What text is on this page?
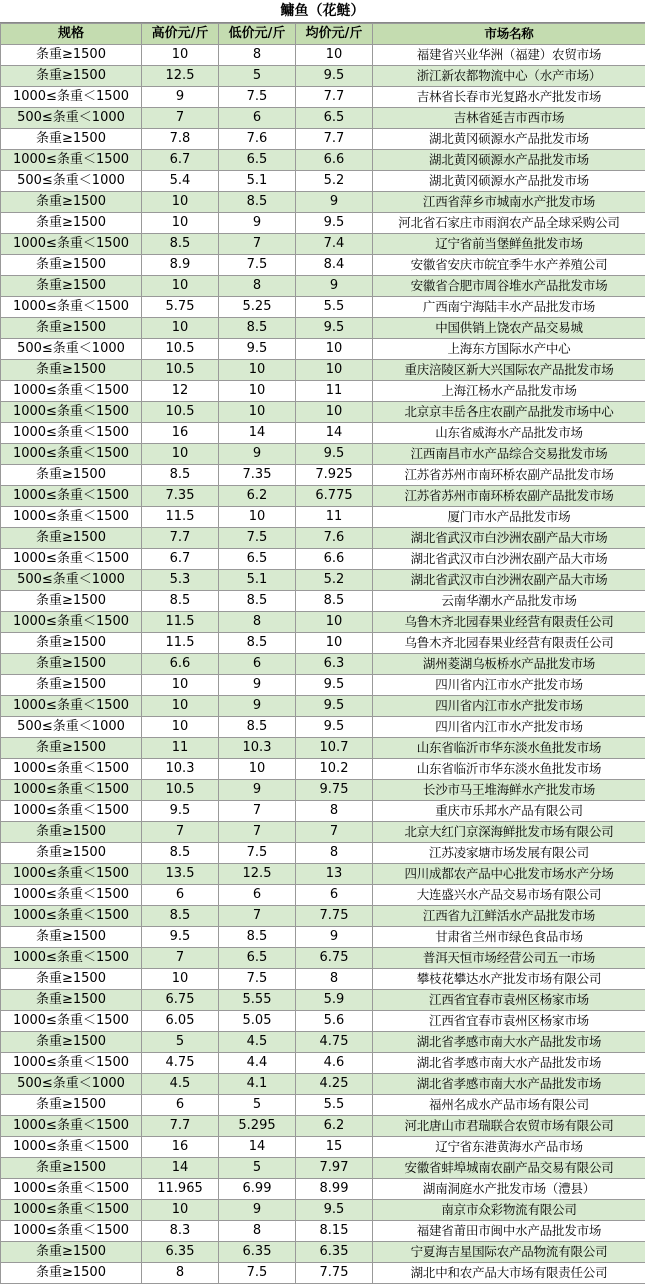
鳙鱼（花鲢）
规格	高价元/斤	低价元/斤	均价元/斤	市场名称
条重≥1500	10	8	10	福建省兴业华洲（福建）农贸市场
条重≥1500	12.5	5	9.5	浙江新农都物流中心（水产市场）
1000≤条重＜1500	9	7.5	7.7	吉林省长春市光复路水产批发市场
500≤条重＜1000	7	6	6.5	吉林省延吉市西市场
条重≥1500	7.8	7.6	7.7	湖北黄冈硕源水产品批发市场
1000≤条重＜1500	6.7	6.5	6.6	湖北黄冈硕源水产品批发市场
500≤条重＜1000	5.4	5.1	5.2	湖北黄冈硕源水产品批发市场
条重≥1500	10	8.5	9	江西省萍乡市城南水产批发市场
条重≥1500	10	9	9.5	河北省石家庄市雨润农产品全球采购公司
1000≤条重＜1500	8.5	7	7.4	辽宁省前当堡鲜鱼批发市场
条重≥1500	8.9	7.5	8.4	安徽省安庆市皖宜季牛水产养殖公司
条重≥1500	10	8	9	安徽省合肥市周谷堆水产品批发市场
1000≤条重＜1500	5.75	5.25	5.5	广西南宁海陆丰水产品批发市场
条重≥1500	10	8.5	9.5	中国供销上饶农产品交易城
500≤条重＜1000	10.5	9.5	10	上海东方国际水产中心
条重≥1500	10.5	10	10	重庆涪陵区新大兴国际农产品批发市场
1000≤条重＜1500	12	10	11	上海江杨水产品批发市场
1000≤条重＜1500	10.5	10	10	北京京丰岳各庄农副产品批发市场中心
1000≤条重＜1500	16	14	14	山东省威海水产品批发市场
1000≤条重＜1500	10	9	9.5	江西南昌市水产品综合交易批发市场
条重≥1500	8.5	7.35	7.925	江苏省苏州市南环桥农副产品批发市场
1000≤条重＜1500	7.35	6.2	6.775	江苏省苏州市南环桥农副产品批发市场
1000≤条重＜1500	11.5	10	11	厦门市水产品批发市场
条重≥1500	7.7	7.5	7.6	湖北省武汉市白沙洲农副产品大市场
1000≤条重＜1500	6.7	6.5	6.6	湖北省武汉市白沙洲农副产品大市场
500≤条重＜1000	5.3	5.1	5.2	湖北省武汉市白沙洲农副产品大市场
条重≥1500	8.5	8.5	8.5	云南华潮水产品批发市场
1000≤条重＜1500	11.5	8	10	乌鲁木齐北园春果业经营有限责任公司
条重≥1500	11.5	8.5	10	乌鲁木齐北园春果业经营有限责任公司
条重≥1500	6.6	6	6.3	湖州菱湖乌板桥水产品批发市场
条重≥1500	10	9	9.5	四川省内江市水产批发市场
1000≤条重＜1500	10	9	9.5	四川省内江市水产批发市场
500≤条重＜1000	10	8.5	9.5	四川省内江市水产批发市场
条重≥1500	11	10.3	10.7	山东省临沂市华东淡水鱼批发市场
1000≤条重＜1500	10.3	10	10.2	山东省临沂市华东淡水鱼批发市场
1000≤条重＜1500	10.5	9	9.75	长沙市马王堆海鲜水产批发市场
1000≤条重＜1500	9.5	7	8	重庆市乐邦水产品有限公司
条重≥1500	7	7	7	北京大红门京深海鲜批发市场有限公司
条重≥1500	8.5	7.5	8	江苏凌家塘市场发展有限公司
1000≤条重＜1500	13.5	12.5	13	四川成都农产品中心批发市场水产分场
1000≤条重＜1500	6	6	6	大连盛兴水产品交易市场有限公司
1000≤条重＜1500	8.5	7	7.75	江西省九江鲜活水产品批发市场
条重≥1500	9.5	8.5	9	甘肃省兰州市绿色食品市场
1000≤条重＜1500	7	6.5	6.75	普洱天恒市场经营公司五一市场
条重≥1500	10	7.5	8	攀枝花攀达水产批发市场有限公司
条重≥1500	6.75	5.55	5.9	江西省宜春市袁州区杨家市场
1000≤条重＜1500	6.05	5.05	5.6	江西省宜春市袁州区杨家市场
条重≥1500	5	4.5	4.75	湖北省孝感市南大水产品批发市场
1000≤条重＜1500	4.75	4.4	4.6	湖北省孝感市南大水产品批发市场
500≤条重＜1000	4.5	4.1	4.25	湖北省孝感市南大水产品批发市场
条重≥1500	6	5	5.5	福州名成水产品市场有限公司
1000≤条重＜1500	7.7	5.295	6.2	河北唐山市君瑞联合农贸市场有限公司
1000≤条重＜1500	16	14	15	辽宁省东港黄海水产品市场
条重≥1500	14	5	7.97	安徽省蚌埠城南农副产品交易有限公司
1000≤条重＜1500	11.965	6.99	8.99	湖南洞庭水产批发市场（澧县）
1000≤条重＜1500	10	9	9.5	南京市众彩物流有限公司
1000≤条重＜1500	8.3	8	8.15	福建省莆田市闽中水产品批发市场
条重≥1500	6.35	6.35	6.35	宁夏海吉星国际农产品物流有限公司
条重≥1500	8	7.5	7.75	湖北中和农产品大市场有限责任公司
